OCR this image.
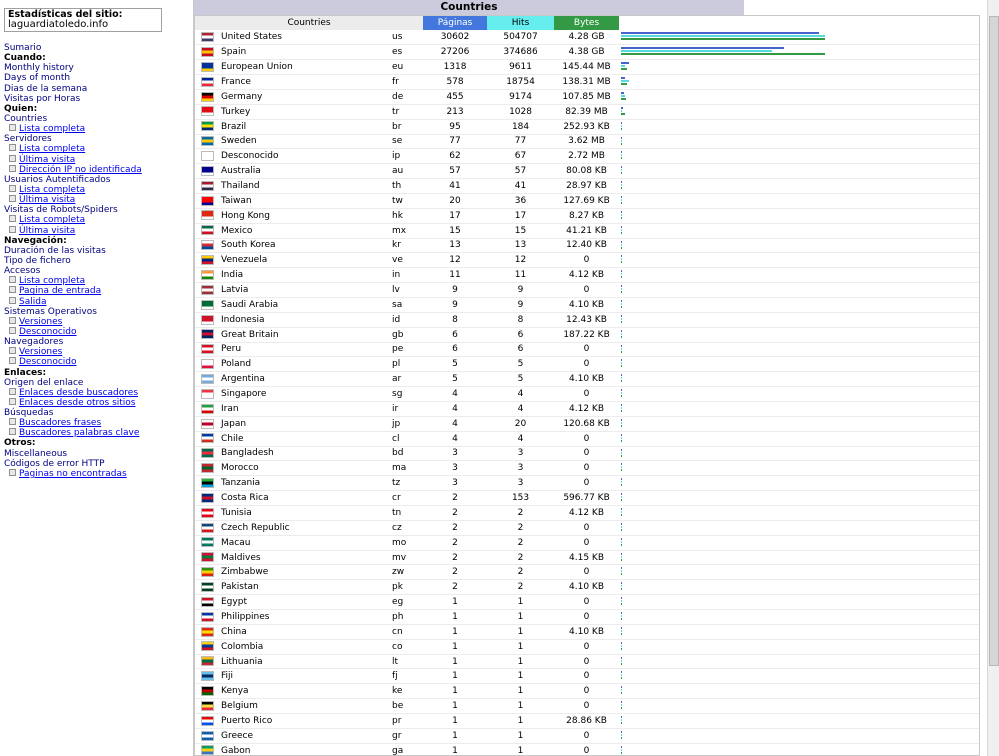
Estadísticas del sitio:
laguardiatoledo.info
Sumario
Cuando:
Monthly history
Days of month
Dias de la semana
Visitas por Horas
Quien:
Countries
Lista completa
Servidores
Lista completa
Última visita
Dirección IP no identificada
Usuarios Autentificados
Lista completa
Última visita
Visitas de Robots/Spiders
Lista completa
Última visita
Navegación:
Duración de las visitas
Tipo de fichero
Accesos
Lista completa
Pagina de entrada
Salida
Sistemas Operativos
Versiones
Desconocido
Navegadores
Versiones
Desconocido
Enlaces:
Origen del enlace
Enlaces desde buscadores
Enlaces desde otros sitios
Búsquedas
Buscadores frases
Buscadores palabras clave
Otros:
Miscellaneous
Códigos de error HTTP
Paginas no encontradas
Countries
Countries			Páginas	Hits	Bytes	
	United States	us	30602	504707	4.28 GB	

	Spain	es	27206	374686	4.38 GB	

	European Union	eu	1318	9611	145.44 MB	

	France	fr	578	18754	138.31 MB	

	Germany	de	455	9174	107.85 MB	

	Turkey	tr	213	1028	82.39 MB	

	Brazil	br	95	184	252.93 KB	

	Sweden	se	77	77	3.62 MB	

	Desconocido	ip	62	67	2.72 MB	

	Australia	au	57	57	80.08 KB	

	Thailand	th	41	41	28.97 KB	

	Taiwan	tw	20	36	127.69 KB	

	Hong Kong	hk	17	17	8.27 KB	

	Mexico	mx	15	15	41.21 KB	

	South Korea	kr	13	13	12.40 KB	

	Venezuela	ve	12	12	0	

	India	in	11	11	4.12 KB	

	Latvia	lv	9	9	0	

	Saudi Arabia	sa	9	9	4.10 KB	

	Indonesia	id	8	8	12.43 KB	

	Great Britain	gb	6	6	187.22 KB	

	Peru	pe	6	6	0	

	Poland	pl	5	5	0	

	Argentina	ar	5	5	4.10 KB	

	Singapore	sg	4	4	0	

	Iran	ir	4	4	4.12 KB	

	Japan	jp	4	20	120.68 KB	

	Chile	cl	4	4	0	

	Bangladesh	bd	3	3	0	

	Morocco	ma	3	3	0	

	Tanzania	tz	3	3	0	

	Costa Rica	cr	2	153	596.77 KB	

	Tunisia	tn	2	2	4.12 KB	

	Czech Republic	cz	2	2	0	

	Macau	mo	2	2	0	

	Maldives	mv	2	2	4.15 KB	

	Zimbabwe	zw	2	2	0	

	Pakistan	pk	2	2	4.10 KB	

	Egypt	eg	1	1	0	

	Philippines	ph	1	1	0	

	China	cn	1	1	4.10 KB	

	Colombia	co	1	1	0	

	Lithuania	lt	1	1	0	

	Fiji	fj	1	1	0	

	Kenya	ke	1	1	0	

	Belgium	be	1	1	0	

	Puerto Rico	pr	1	1	28.86 KB	

	Greece	gr	1	1	0	

	Gabon	ga	1	1	0	
